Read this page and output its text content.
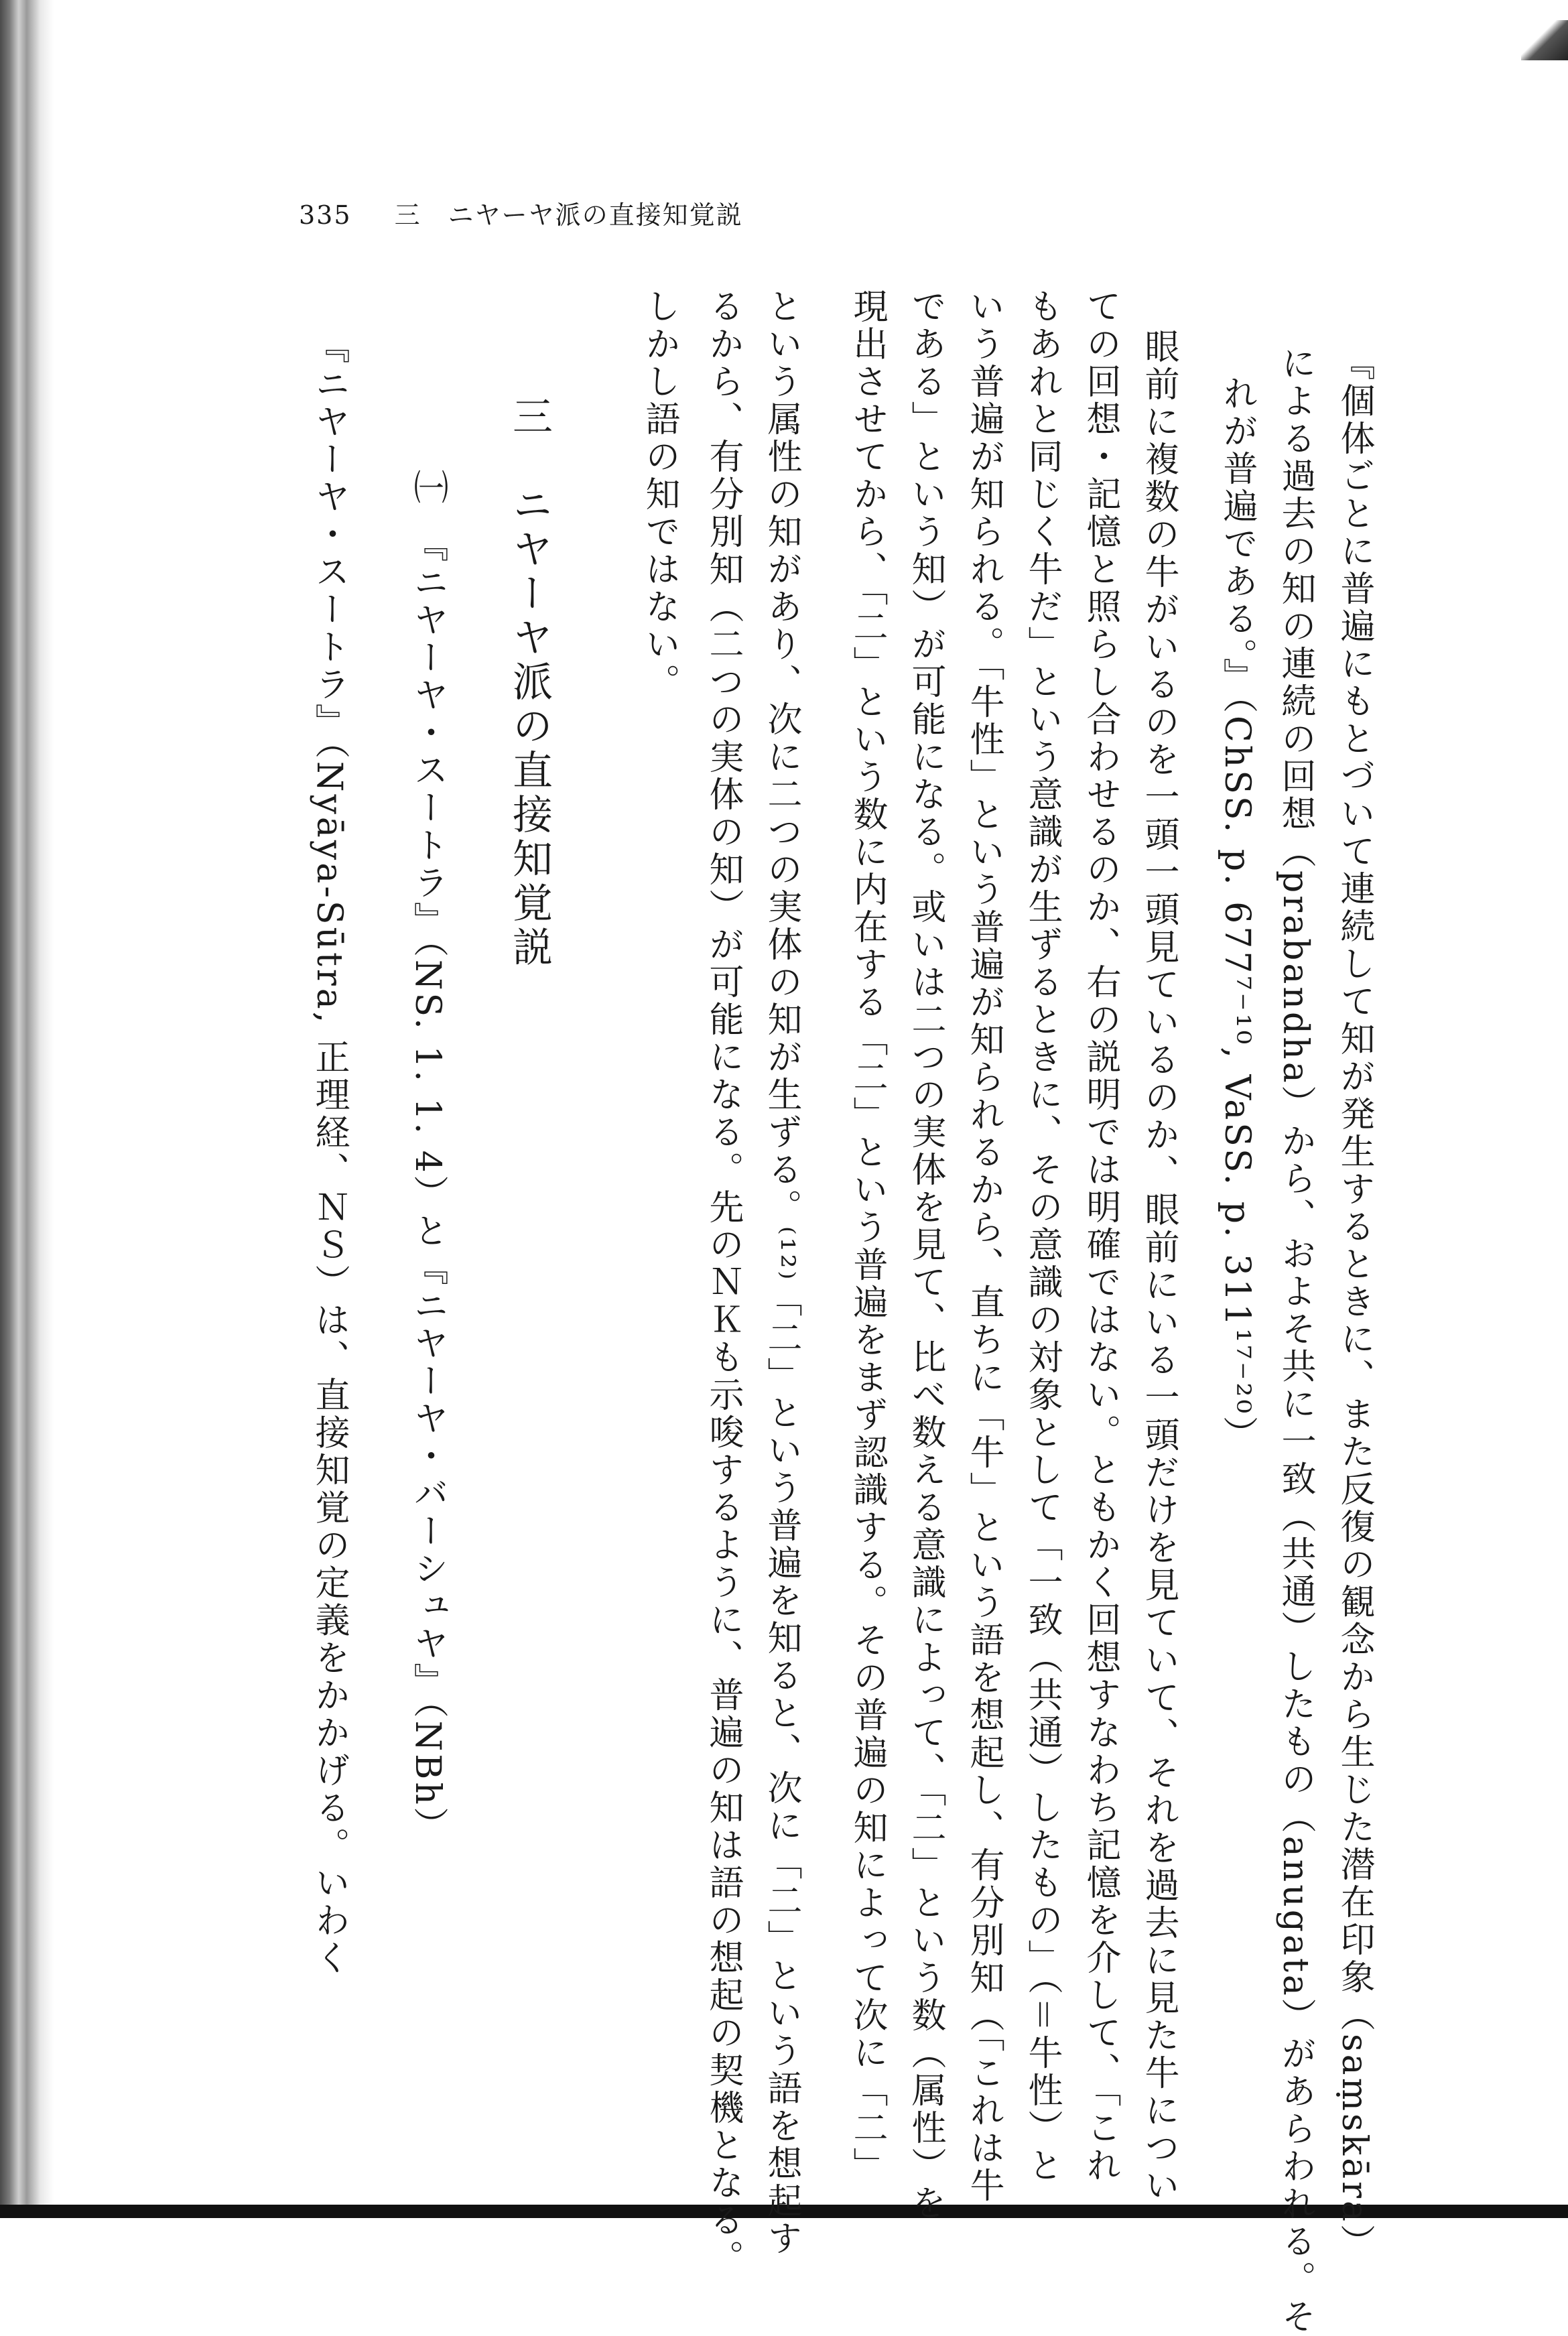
335 三　ニヤーヤ派の直接知覚説
『個体ごとに普遍にもとづいて連続して知が発生するときに、また反復の観念から生じた潜在印象（saṃskāra）
による過去の知の連続の回想（prabandha）から、およそ共に一致（共通）したもの（anugata）があらわれる。そ
れが普遍である。』（ChSS. p. 677⁷⁻¹⁰, VaSS. p. 311¹⁷⁻²⁰）
眼前に複数の牛がいるのを一頭一頭見ているのか、眼前にいる一頭だけを見ていて、それを過去に見た牛につい
ての回想・記憶と照らし合わせるのか、右の説明では明確ではない。ともかく回想すなわち記憶を介して、「これ
もあれと同じく牛だ」という意識が生ずるときに、その意識の対象として「一致（共通）したもの」（＝牛性）と
いう普遍が知られる。「牛性」という普遍が知られるから、直ちに「牛」という語を想起し、有分別知（「これは牛
である」という知）が可能になる。或いは二つの実体を見て、比べ数える意識によって、「二」という数（属性）を
現出させてから、「二」という数に内在する「二」という普遍をまず認識する。その普遍の知によって次に「二」
という属性の知があり、次に二つの実体の知が生ずる。⁽¹²⁾「二」という普遍を知ると、次に「二」という語を想起す
るから、有分別知（二つの実体の知）が可能になる。先のＮＫも示唆するように、普遍の知は語の想起の契機となる。
しかし語の知ではない。
三　ニヤーヤ派の直接知覚説
㈠　『ニヤーヤ・スートラ』（NS. 1. 1. 4）と『ニヤーヤ・バーシュヤ』（NBh）
『ニヤーヤ・スートラ』（Nyāya-Sūtra, 正理経、ＮＳ）は、直接知覚の定義をかかげる。いわく
